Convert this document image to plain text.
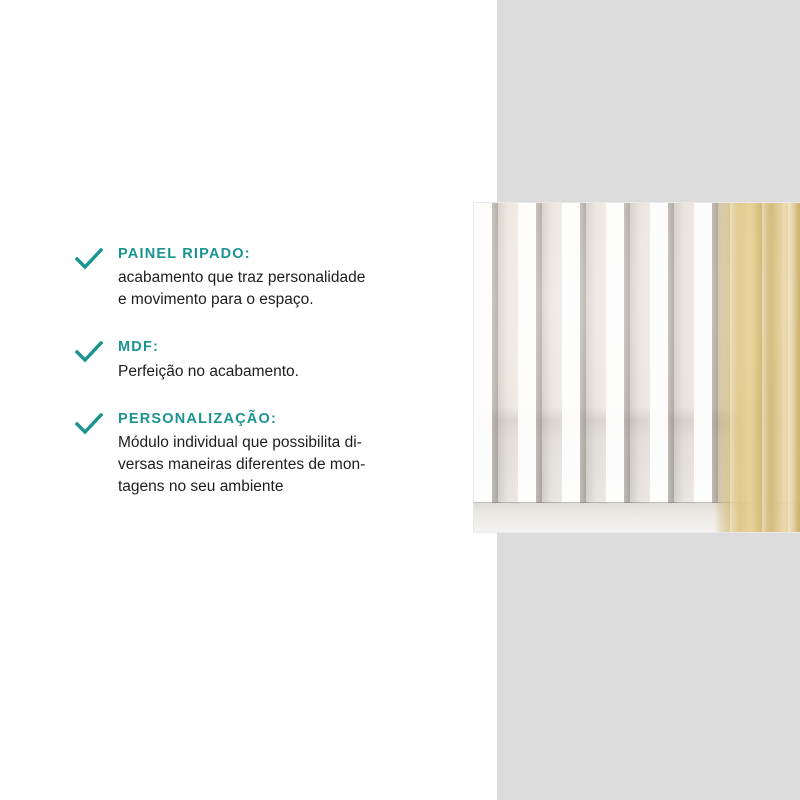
PAINEL RIPADO:

acabamento que traz personalidade
e movimento para o espaço.

MDF:

Perfeição no acabamento.

PERSONALIZAÇÃO:

Módulo individual que possibilita di-
versas maneiras diferentes de mon-
tagens no seu ambiente
